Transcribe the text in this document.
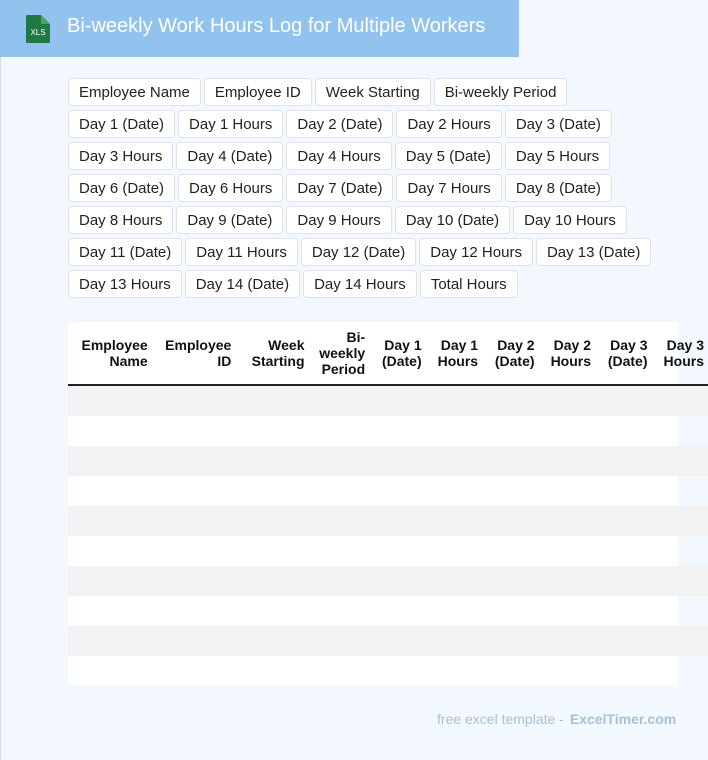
XLS Bi-weekly Work Hours Log for Multiple Workers
Employee Name	Employee ID	Week Starting	Bi-weekly Period
Day 1 (Date)	Day 1 Hours	Day 2 (Date)	Day 2 Hours	Day 3 (Date)
Day 3 Hours	Day 4 (Date)	Day 4 Hours	Day 5 (Date)	Day 5 Hours
Day 6 (Date)	Day 6 Hours	Day 7 (Date)	Day 7 Hours	Day 8 (Date)
Day 8 Hours	Day 9 (Date)	Day 9 Hours	Day 10 (Date)	Day 10 Hours
Day 11 (Date)	Day 11 Hours	Day 12 (Date)	Day 12 Hours	Day 13 (Date)
Day 13 Hours	Day 14 (Date)	Day 14 Hours	Total Hours
Employee Name	Employee ID	Week Starting	Bi-weekly Period	Day 1 (Date)	Day 1 Hours	Day 2 (Date)	Day 2 Hours	Day 3 (Date)	Day 3 Hours

free excel template - ExcelTimer.com
